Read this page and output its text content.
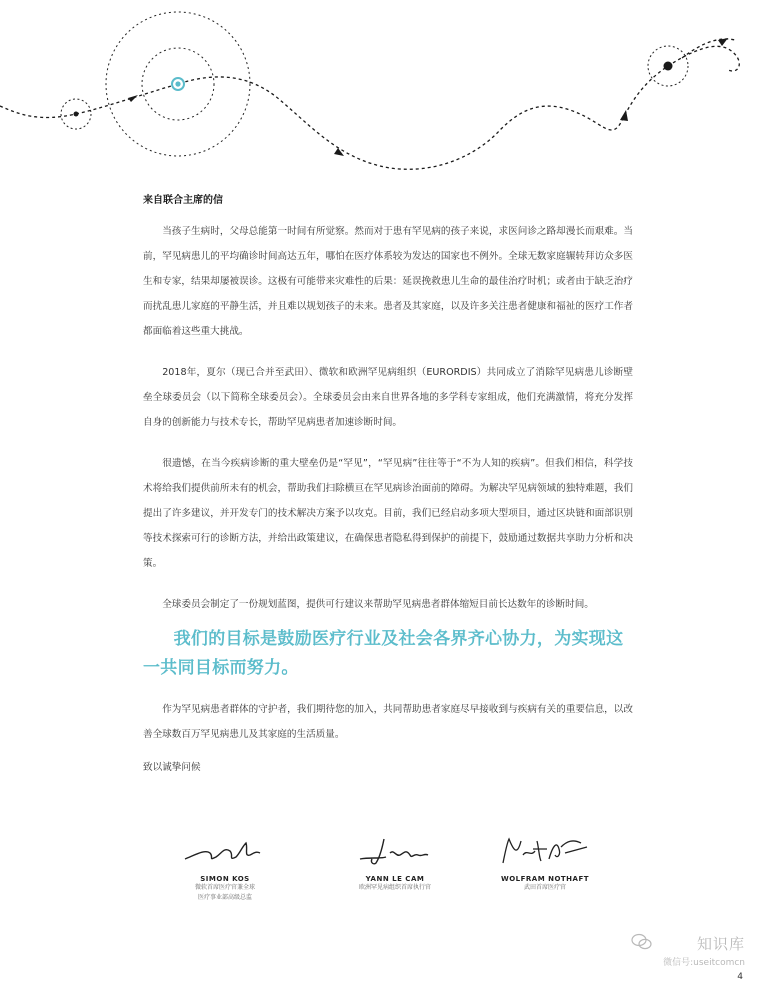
来自联合主席的信

当孩子生病时，父母总能第一时间有所觉察。然而对于患有罕见病的孩子来说，求医问诊之路却漫长而艰难。当前，罕见病患儿的平均确诊时间高达五年，哪怕在医疗体系较为发达的国家也不例外。全球无数家庭辗转拜访众多医生和专家，结果却屡被误诊。这极有可能带来灾难性的后果：延误挽救患儿生命的最佳治疗时机；或者由于缺乏治疗而扰乱患儿家庭的平静生活，并且难以规划孩子的未来。患者及其家庭，以及许多关注患者健康和福祉的医疗工作者都面临着这些重大挑战。

2018年，夏尔（现已合并至武田）、微软和欧洲罕见病组织（EURORDIS）共同成立了消除罕见病患儿诊断壁垒全球委员会（以下简称全球委员会）。全球委员会由来自世界各地的多学科专家组成，他们充满激情，将充分发挥自身的创新能力与技术专长，帮助罕见病患者加速诊断时间。

很遗憾，在当今疾病诊断的重大壁垒仍是“罕见”，“罕见病”往往等于“不为人知的疾病”。但我们相信，科学技术将给我们提供前所未有的机会，帮助我们扫除横亘在罕见病诊治面前的障碍。为解决罕见病领域的独特难题，我们提出了许多建议，并开发专门的技术解决方案予以攻克。目前，我们已经启动多项大型项目，通过区块链和面部识别等技术探索可行的诊断方法，并给出政策建议，在确保患者隐私得到保护的前提下，鼓励通过数据共享助力分析和决策。

全球委员会制定了一份规划蓝图，提供可行建议来帮助罕见病患者群体缩短目前长达数年的诊断时间。

我们的目标是鼓励医疗行业及社会各界齐心协力，为实现这一共同目标而努力。

作为罕见病患者群体的守护者，我们期待您的加入，共同帮助患者家庭尽早接收到与疾病有关的重要信息，以改善全球数百万罕见病患儿及其家庭的生活质量。

致以诚挚问候
SIMON KOS
微软首席医疗官兼全球
医疗事业部高级总监
YANN LE CAM
欧洲罕见病组织首席执行官
WOLFRAM NOTHAFT
武田首席医疗官
知识库
微信号:useitcomcn
4
